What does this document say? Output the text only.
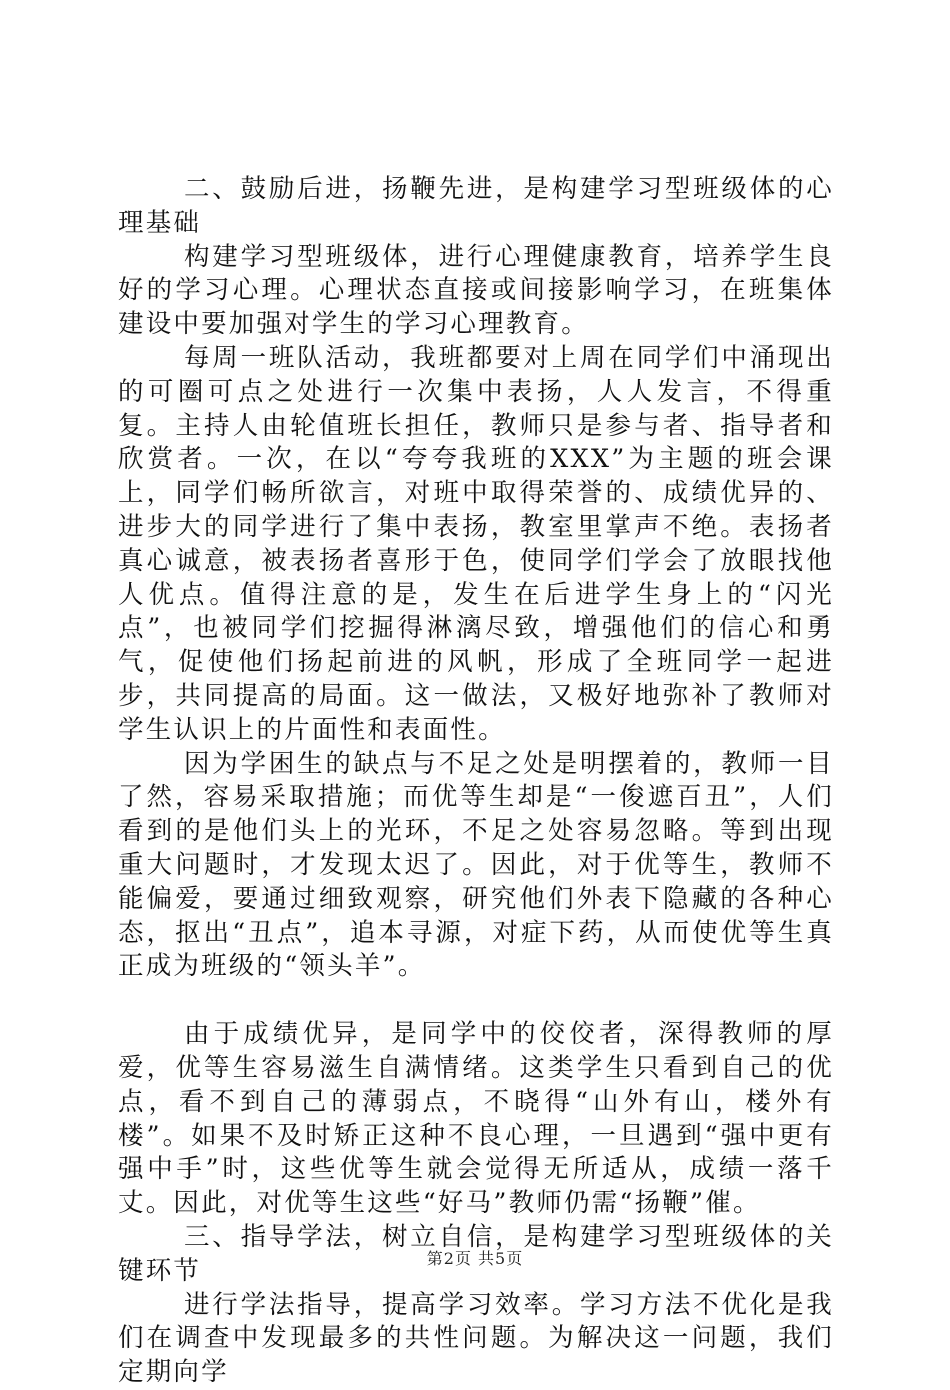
二、鼓励后进，扬鞭先进，是构建学习型班级体的心理基础

构建学习型班级体，进行心理健康教育，培养学生良好的学习心理。心理状态直接或间接影响学习，在班集体建设中要加强对学生的学习心理教育。

每周一班队活动，我班都要对上周在同学们中涌现出的可圈可点之处进行一次集中表扬，人人发言，不得重复。主持人由轮值班长担任，教师只是参与者、指导者和欣赏者。一次，在以“夸夸我班的XXX”为主题的班会课上，同学们畅所欲言，对班中取得荣誉的、成绩优异的、进步大的同学进行了集中表扬，教室里掌声不绝。表扬者真心诚意，被表扬者喜形于色，使同学们学会了放眼找他人优点。值得注意的是，发生在后进学生身上的“闪光点”，也被同学们挖掘得淋漓尽致，增强他们的信心和勇气，促使他们扬起前进的风帆，形成了全班同学一起进步，共同提高的局面。这一做法，又极好地弥补了教师对学生认识上的片面性和表面性。

因为学困生的缺点与不足之处是明摆着的，教师一目了然，容易采取措施；而优等生却是“一俊遮百丑”，人们看到的是他们头上的光环，不足之处容易忽略。等到出现重大问题时，才发现太迟了。因此，对于优等生，教师不能偏爱，要通过细致观察，研究他们外表下隐藏的各种心态，抠出“丑点”，追本寻源，对症下药，从而使优等生真正成为班级的“领头羊”。

由于成绩优异，是同学中的佼佼者，深得教师的厚爱，优等生容易滋生自满情绪。这类学生只看到自己的优点，看不到自己的薄弱点，不晓得“山外有山，楼外有楼”。如果不及时矫正这种不良心理，一旦遇到“强中更有强中手”时，这些优等生就会觉得无所适从，成绩一落千丈。因此，对优等生这些“好马”教师仍需“扬鞭”催。

三、指导学法，树立自信，是构建学习型班级体的关键环节

进行学法指导，提高学习效率。学习方法不优化是我们在调查中发现最多的共性问题。为解决这一问题，我们定期向学

第2页 共5页
